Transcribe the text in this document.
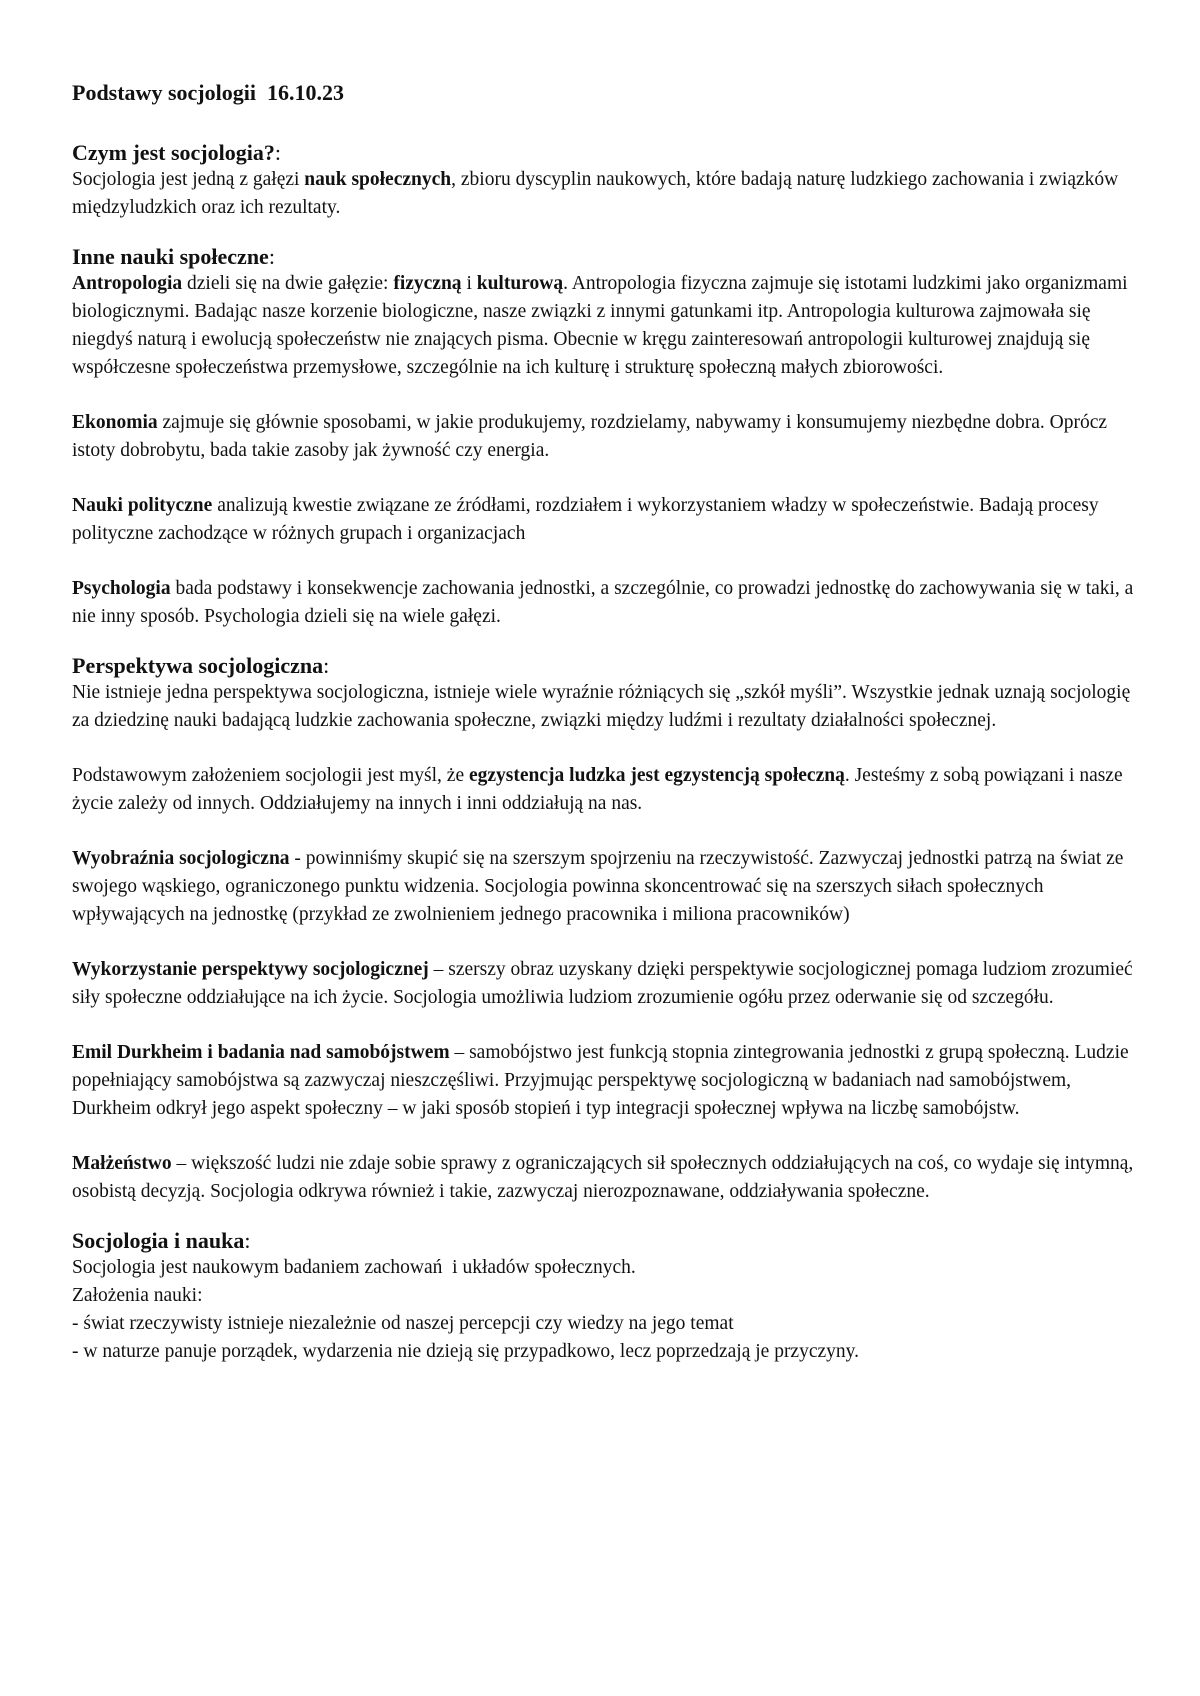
Podstawy socjologii  16.10.23
Czym jest socjologia?:

Socjologia jest jedną z gałęzi nauk społecznych, zbioru dyscyplin naukowych, które badają naturę ludzkiego zachowania i związków międzyludzkich oraz ich rezultaty.

Inne nauki społeczne:

Antropologia dzieli się na dwie gałęzie: fizyczną i kulturową. Antropologia fizyczna zajmuje się istotami ludzkimi jako organizmami biologicznymi. Badając nasze korzenie biologiczne, nasze związki z innymi gatunkami itp. Antropologia kulturowa zajmowała się niegdyś naturą i ewolucją społeczeństw nie znających pisma. Obecnie w kręgu zainteresowań antropologii kulturowej znajdują się współczesne społeczeństwa przemysłowe, szczególnie na ich kulturę i strukturę społeczną małych zbiorowości.

Ekonomia zajmuje się głównie sposobami, w jakie produkujemy, rozdzielamy, nabywamy i konsumujemy niezbędne dobra. Oprócz istoty dobrobytu, bada takie zasoby jak żywność czy energia.

Nauki polityczne analizują kwestie związane ze źródłami, rozdziałem i wykorzystaniem władzy w społeczeństwie. Badają procesy polityczne zachodzące w różnych grupach i organizacjach

Psychologia bada podstawy i konsekwencje zachowania jednostki, a szczególnie, co prowadzi jednostkę do zachowywania się w taki, a nie inny sposób. Psychologia dzieli się na wiele gałęzi.

Perspektywa socjologiczna:

Nie istnieje jedna perspektywa socjologiczna, istnieje wiele wyraźnie różniących się „szkół myśli”. Wszystkie jednak uznają socjologię za dziedzinę nauki badającą ludzkie zachowania społeczne, związki między ludźmi i rezultaty działalności społecznej.

Podstawowym założeniem socjologii jest myśl, że egzystencja ludzka jest egzystencją społeczną. Jesteśmy z sobą powiązani i nasze życie zależy od innych. Oddziałujemy na innych i inni oddziałują na nas.

Wyobraźnia socjologiczna - powinniśmy skupić się na szerszym spojrzeniu na rzeczywistość. Zazwyczaj jednostki patrzą na świat ze swojego wąskiego, ograniczonego punktu widzenia. Socjologia powinna skoncentrować się na szerszych siłach społecznych wpływających na jednostkę (przykład ze zwolnieniem jednego pracownika i miliona pracowników)

Wykorzystanie perspektywy socjologicznej – szerszy obraz uzyskany dzięki perspektywie socjologicznej pomaga ludziom zrozumieć siły społeczne oddziałujące na ich życie. Socjologia umożliwia ludziom zrozumienie ogółu przez oderwanie się od szczegółu.

Emil Durkheim i badania nad samobójstwem – samobójstwo jest funkcją stopnia zintegrowania jednostki z grupą społeczną. Ludzie popełniający samobójstwa są zazwyczaj nieszczęśliwi. Przyjmując perspektywę socjologiczną w badaniach nad samobójstwem, Durkheim odkrył jego aspekt społeczny – w jaki sposób stopień i typ integracji społecznej wpływa na liczbę samobójstw.

Małżeństwo – większość ludzi nie zdaje sobie sprawy z ograniczających sił społecznych oddziałujących na coś, co wydaje się intymną, osobistą decyzją. Socjologia odkrywa również i takie, zazwyczaj nierozpoznawane, oddziaływania społeczne.

Socjologia i nauka:
Socjologia jest naukowym badaniem zachowań  i układów społecznych.
Założenia nauki:
- świat rzeczywisty istnieje niezależnie od naszej percepcji czy wiedzy na jego temat
- w naturze panuje porządek, wydarzenia nie dzieją się przypadkowo, lecz poprzedzają je przyczyny.
